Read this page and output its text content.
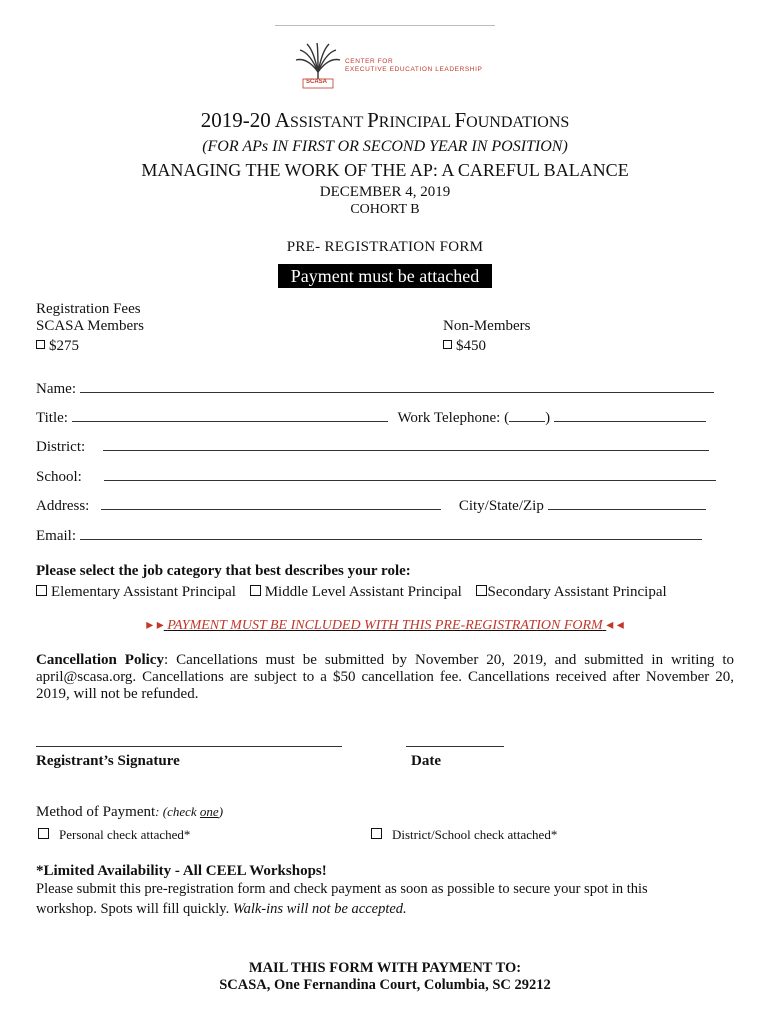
SCASA
CENTER FOR
EXECUTIVE EDUCATION LEADERSHIP
2019-20 ASSISTANT PRINCIPAL FOUNDATIONS
(FOR APs IN FIRST OR SECOND YEAR IN POSITION)
MANAGING THE WORK OF THE AP: A CAREFUL BALANCE
DECEMBER 4, 2019
COHORT B
PRE- REGISTRATION FORM
Payment must be attached
Registration Fees
SCASA Members
$275
Non-Members
$450
Name:
Title:	Work Telephone: ( )
District:
School:
Address:	City/State/Zip
Email:
Please select the job category that best describes your role:
Elementary Assistant Principal Middle Level Assistant Principal Secondary Assistant Principal
▸ ▸ PAYMENT MUST BE INCLUDED WITH THIS PRE-REGISTRATION FORM ◂ ◂
Cancellation Policy: Cancellations must be submitted by November 20, 2019, and submitted in writing to april@scasa.org. Cancellations are subject to a $50 cancellation fee. Cancellations received after November 20, 2019, will not be refunded.
Registrant’s Signature	Date
Method of Payment: (check one)
Personal check attached*	District/School check attached*
*Limited Availability - All CEEL Workshops!
Please submit this pre-registration form and check payment as soon as possible to secure your spot in this workshop. Spots will fill quickly. Walk-ins will not be accepted.
MAIL THIS FORM WITH PAYMENT TO:
SCASA, One Fernandina Court, Columbia, SC 29212
